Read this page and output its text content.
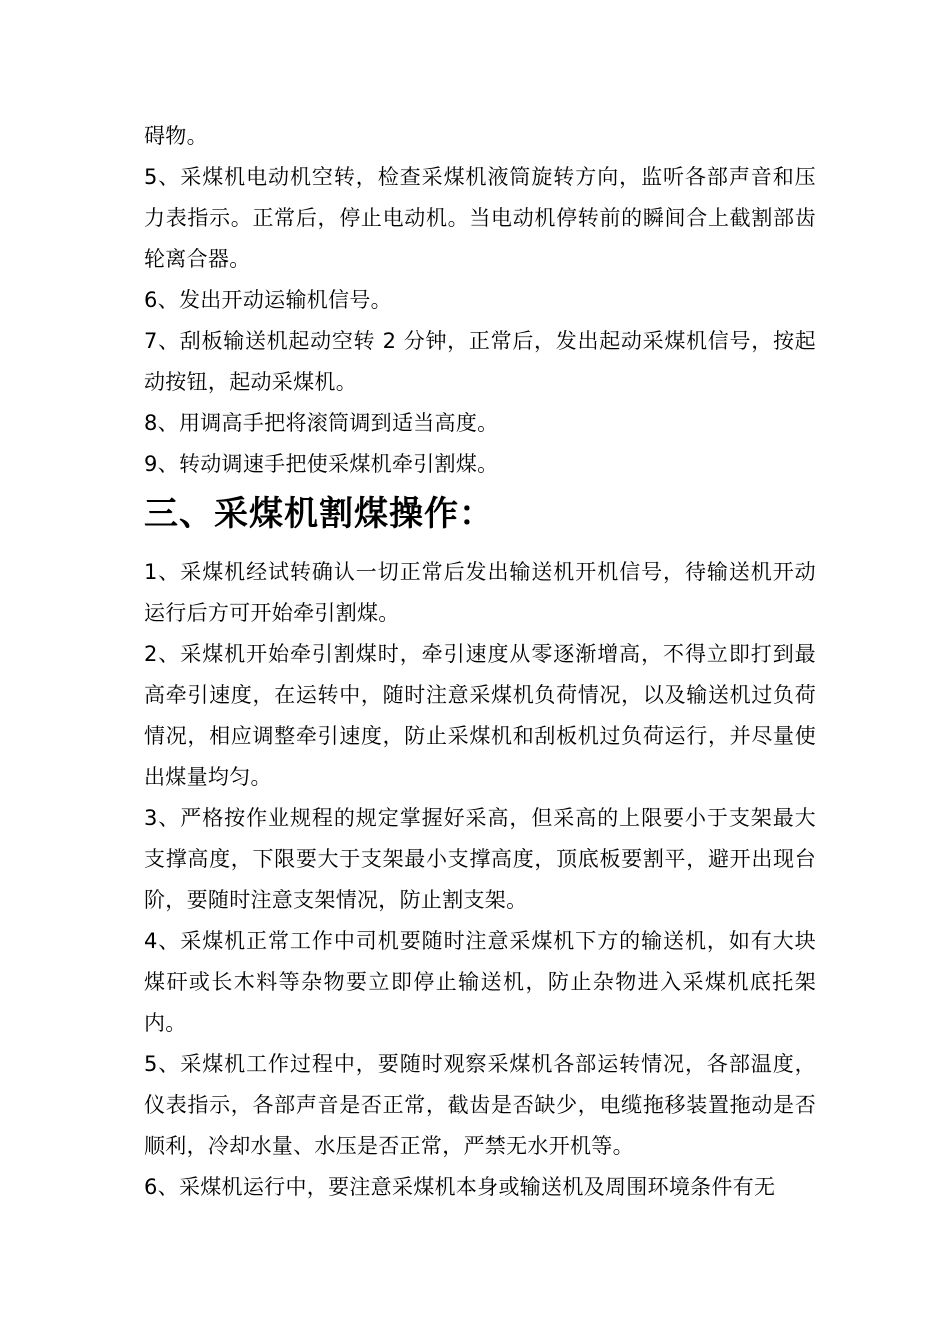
碍物。

5、采煤机电动机空转，检查采煤机液筒旋转方向，监听各部声音和压力表指示。正常后，停止电动机。当电动机停转前的瞬间合上截割部齿轮离合器。

6、发出开动运输机信号。

7、刮板输送机起动空转 2 分钟，正常后，发出起动采煤机信号，按起动按钮，起动采煤机。

8、用调高手把将滚筒调到适当高度。

9、转动调速手把使采煤机牵引割煤。

三、采煤机割煤操作：

1、采煤机经试转确认一切正常后发出输送机开机信号，待输送机开动运行后方可开始牵引割煤。

2、采煤机开始牵引割煤时，牵引速度从零逐渐增高，不得立即打到最高牵引速度，在运转中，随时注意采煤机负荷情况，以及输送机过负荷情况，相应调整牵引速度，防止采煤机和刮板机过负荷运行，并尽量使出煤量均匀。

3、严格按作业规程的规定掌握好采高，但采高的上限要小于支架最大支撑高度，下限要大于支架最小支撑高度，顶底板要割平，避开出现台阶，要随时注意支架情况，防止割支架。

4、采煤机正常工作中司机要随时注意采煤机下方的输送机，如有大块煤矸或长木料等杂物要立即停止输送机，防止杂物进入采煤机底托架内。

5、采煤机工作过程中，要随时观察采煤机各部运转情况，各部温度，仪表指示，各部声音是否正常，截齿是否缺少，电缆拖移装置拖动是否顺利，冷却水量、水压是否正常，严禁无水开机等。

6、采煤机运行中，要注意采煤机本身或输送机及周围环境条件有无
